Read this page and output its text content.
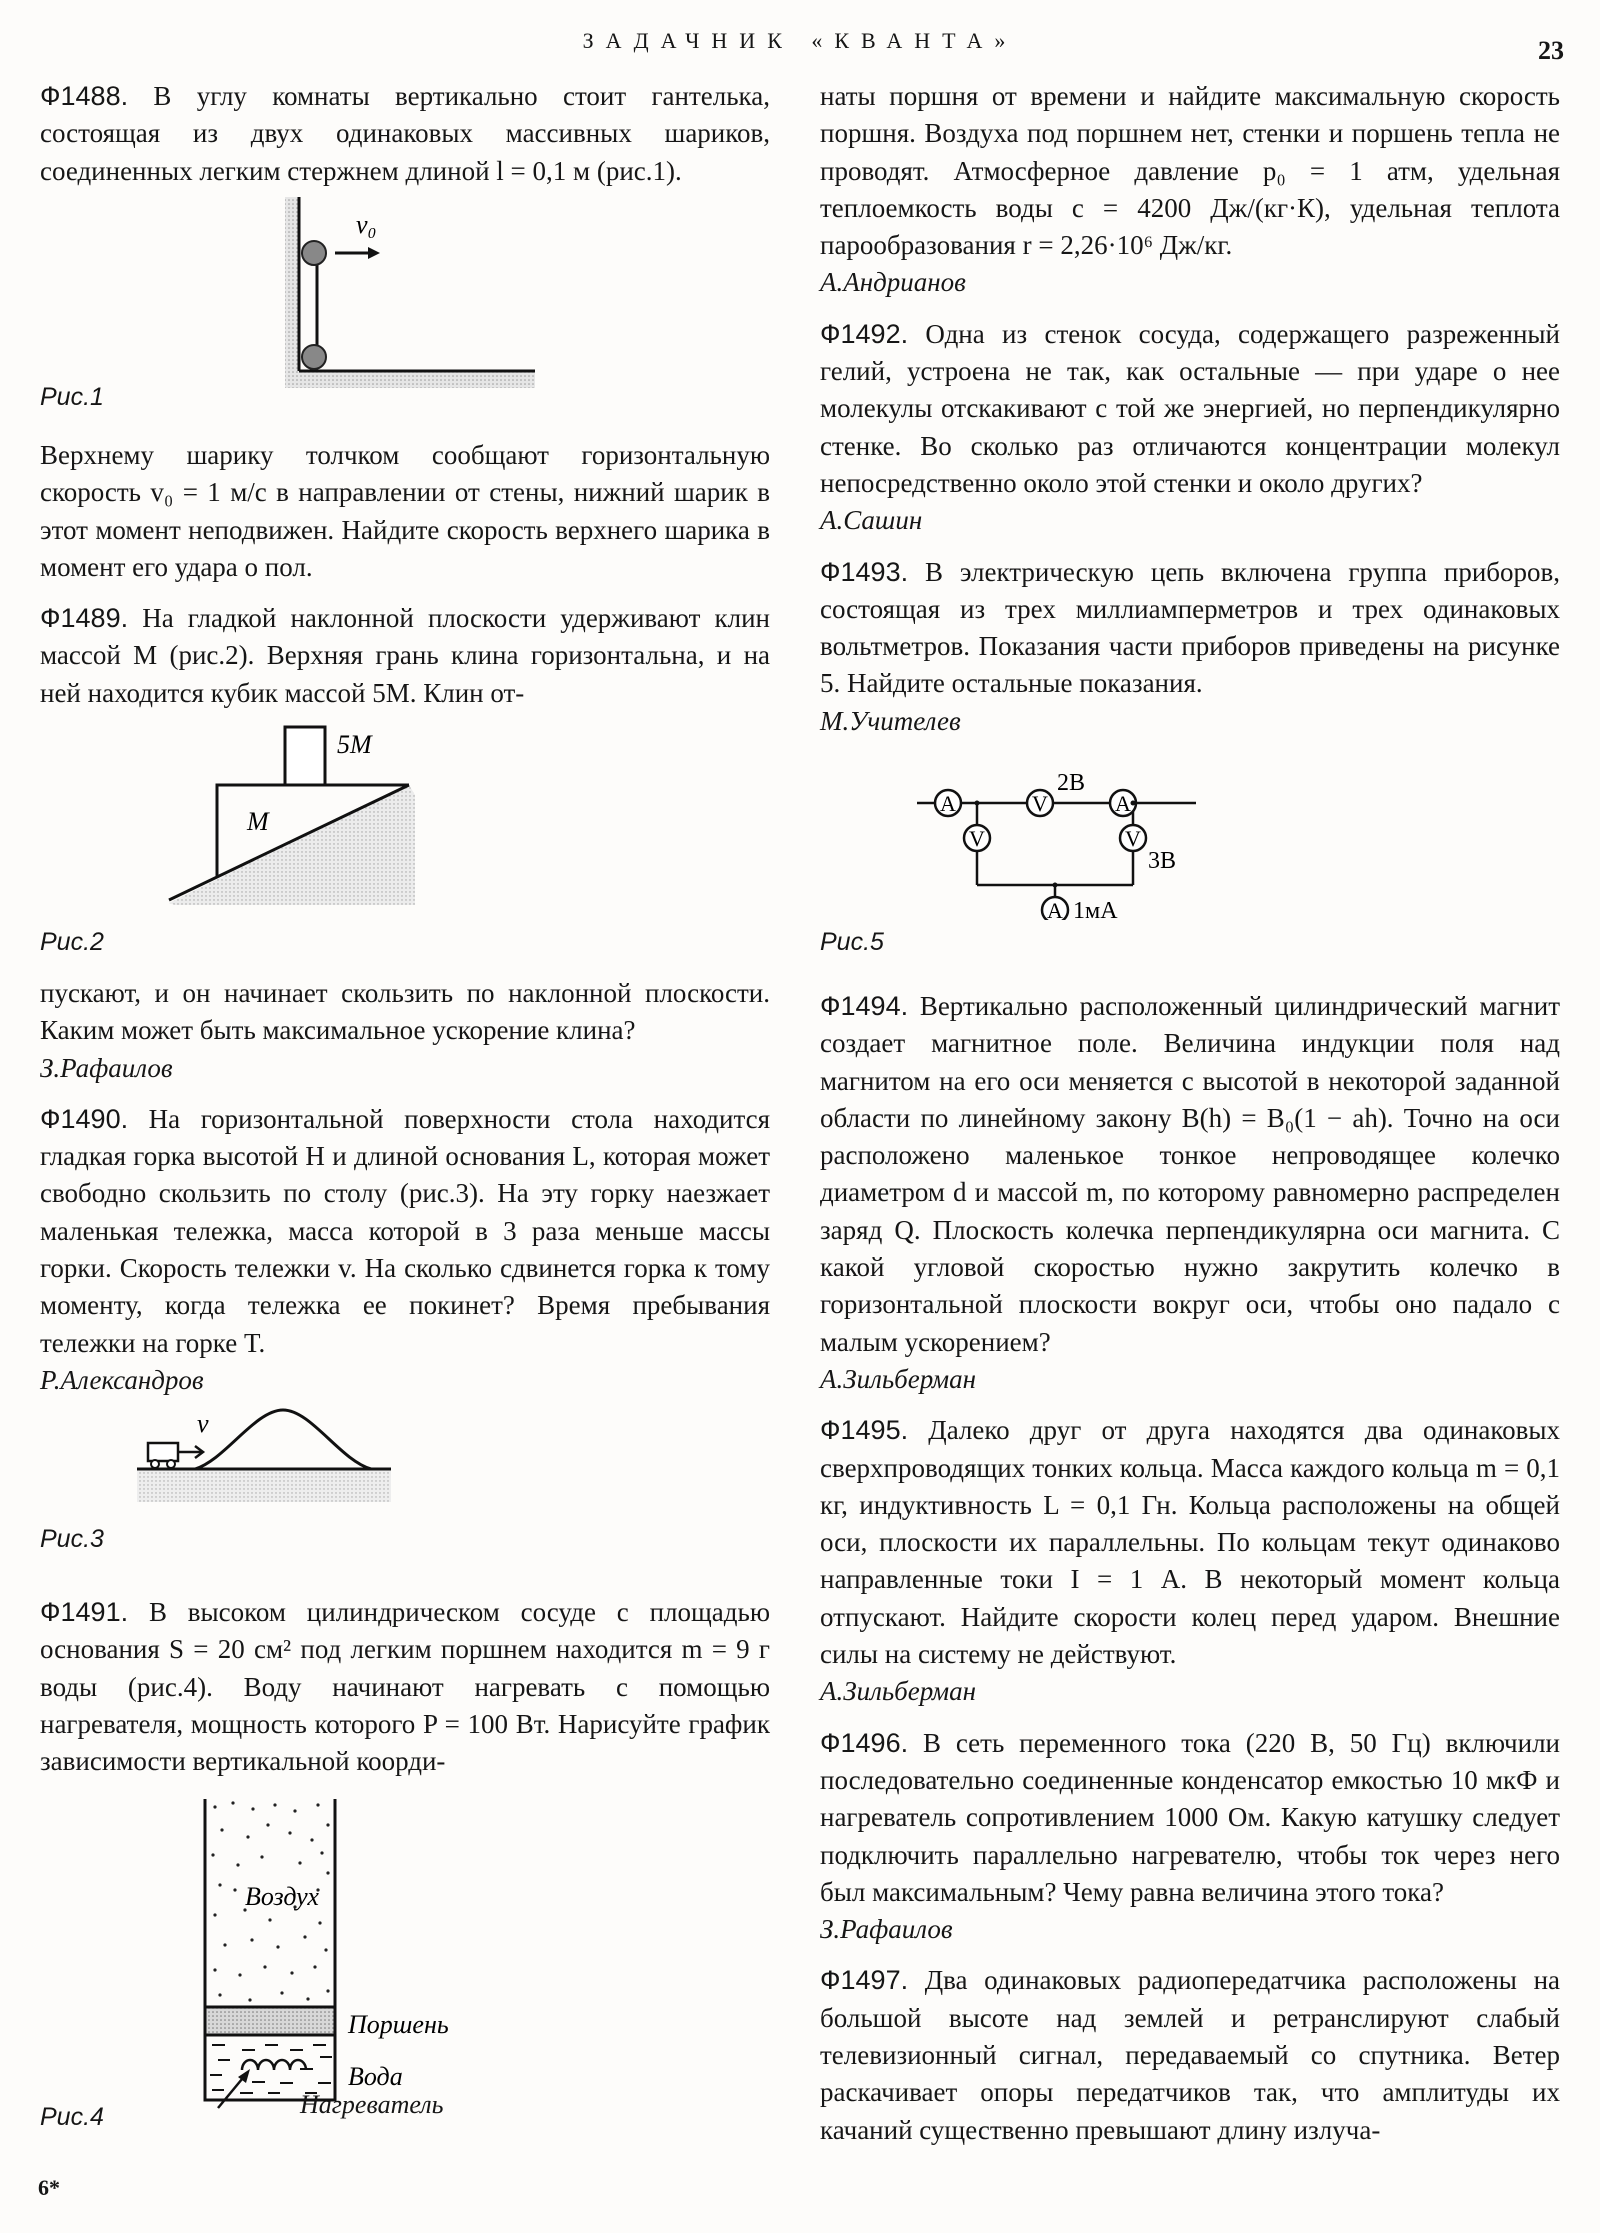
ЗАДАЧНИК «КВАНТА»	23

Ф1488. В углу комнаты вертикально стоит гантелька, состоящая из двух одинаковых массивных шариков, соединенных легким стержнем длиной l = 0,1 м (рис.1).

v₀
Рис.1

Верхнему шарику толчком сообщают горизонтальную скорость v₀ = 1 м/с в направлении от стены, нижний шарик в этот момент неподвижен. Найдите скорость верхнего шарика в момент его удара о пол.

Ф1489. На гладкой наклонной плоскости удерживают клин массой M (рис.2). Верхняя грань клина горизонтальна, и на ней находится кубик массой 5M. Клин от-

5M
M
Рис.2

пускают, и он начинает скользить по наклонной плоскости. Каким может быть максимальное ускорение клина?

З.Рафаилов

Ф1490. На горизонтальной поверхности стола находится гладкая горка высотой H и длиной основания L, которая может свободно скользить по столу (рис.3). На эту горку наезжает маленькая тележка, масса которой в 3 раза меньше массы горки. Скорость тележки v. На сколько сдвинется горка к тому моменту, когда тележка ее покинет? Время пребывания тележки на горке T.

Р.Александров

v
Рис.3

Ф1491. В высоком цилиндрическом сосуде с площадью основания S = 20 см² под легким поршнем находится m = 9 г воды (рис.4). Воду начинают нагревать с помощью нагревателя, мощность которого P = 100 Вт. Нарисуйте график зависимости вертикальной коорди-

Воздух
Поршень
Вода
Нагреватель
Рис.4
6*

наты поршня от времени и найдите максимальную скорость поршня. Воздуха под поршнем нет, стенки и поршень тепла не проводят. Атмосферное давление p₀ = 1 атм, удельная теплоемкость воды c = 4200 Дж/(кг·К), удельная теплота парообразования r = 2,26·10⁶ Дж/кг.

А.Андрианов

Ф1492. Одна из стенок сосуда, содержащего разреженный гелий, устроена не так, как остальные — при ударе о нее молекулы отскакивают с той же энергией, но перпендикулярно стенке. Во сколько раз отличаются концентрации молекул непосредственно около этой стенки и около других?

А.Сашин

Ф1493. В электрическую цепь включена группа приборов, состоящая из трех миллиамперметров и трех одинаковых вольтметров. Показания части приборов приведены на рисунке 5. Найдите остальные показания.

М.Учителев

A	V	A
V	V
A
2В
3В
1мА
Рис.5

Ф1494. Вертикально расположенный цилиндрический магнит создает магнитное поле. Величина индукции поля над магнитом на его оси меняется с высотой в некоторой заданной области по линейному закону B(h) = B₀(1 − ah). Точно на оси расположено маленькое тонкое непроводящее колечко диаметром d и массой m, по которому равномерно распределен заряд Q. Плоскость колечка перпендикулярна оси магнита. С какой угловой скоростью нужно закрутить колечко в горизонтальной плоскости вокруг оси, чтобы оно падало с малым ускорением?

А.Зильберман

Ф1495. Далеко друг от друга находятся два одинаковых сверхпроводящих тонких кольца. Масса каждого кольца m = 0,1 кг, индуктивность L = 0,1 Гн. Кольца расположены на общей оси, плоскости их параллельны. По кольцам текут одинаково направленные токи I = 1 А. В некоторый момент кольца отпускают. Найдите скорости колец перед ударом. Внешние силы на систему не действуют.

А.Зильберман

Ф1496. В сеть переменного тока (220 В, 50 Гц) включили последовательно соединенные конденсатор емкостью 10 мкФ и нагреватель сопротивлением 1000 Ом. Какую катушку следует подключить параллельно нагревателю, чтобы ток через него был максимальным? Чему равна величина этого тока?

З.Рафаилов

Ф1497. Два одинаковых радиопередатчика расположены на большой высоте над землей и ретранслируют слабый телевизионный сигнал, передаваемый со спутника. Ветер раскачивает опоры передатчиков так, что амплитуды их качаний существенно превышают длину излуча-
